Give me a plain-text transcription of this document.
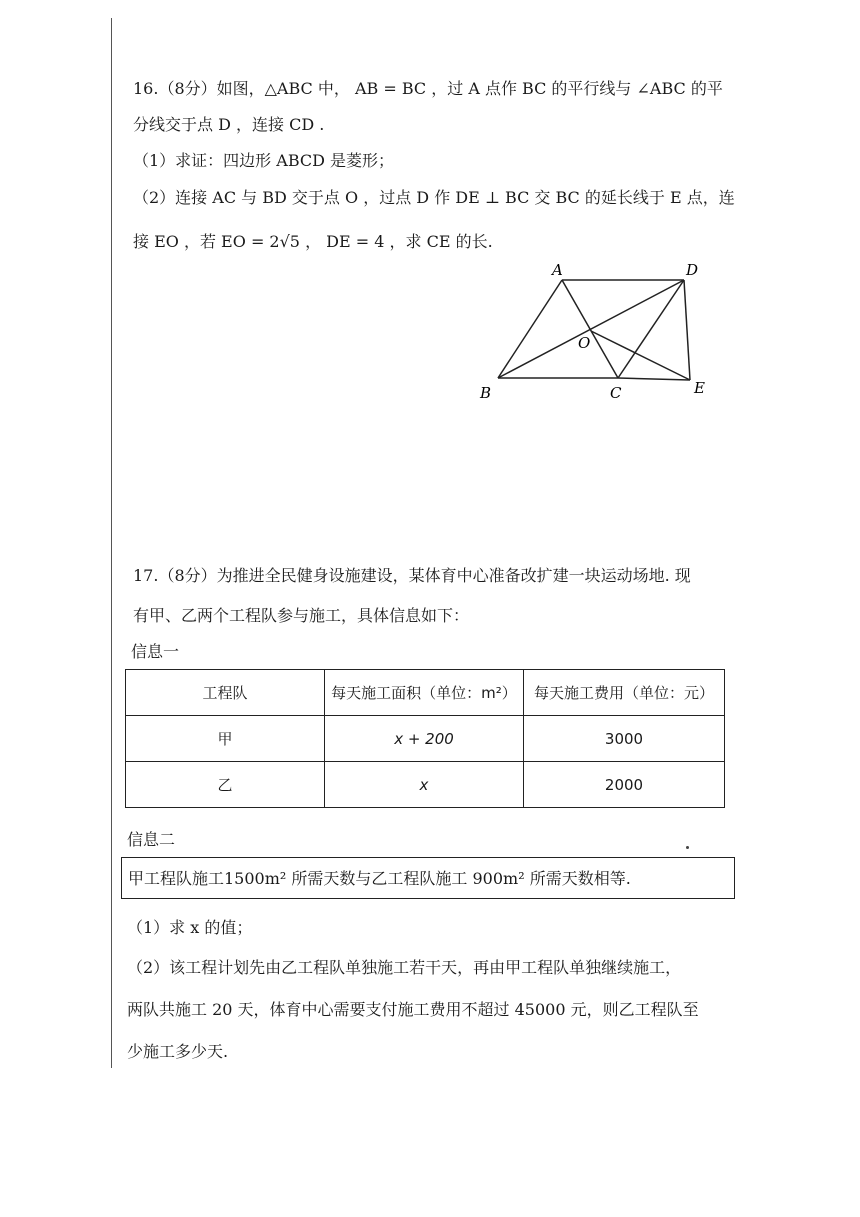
16.（8分）如图，△ABC 中， AB = BC ，过 A 点作 BC 的平行线与 ∠ABC 的平
分线交于点 D ，连接 CD .
（1）求证：四边形 ABCD 是菱形；
（2）连接 AC 与 BD 交于点 O ，过点 D 作 DE ⊥ BC 交 BC 的延长线于 E 点，连
接 EO ，若 EO = 2√5 ， DE = 4 ，求 CE 的长.
A	D
O
B	C	E
17.（8分）为推进全民健身设施建设，某体育中心准备改扩建一块运动场地. 现
有甲、乙两个工程队参与施工，具体信息如下：
信息一
工程队	每天施工面积（单位：m²）	每天施工费用（单位：元）
甲	x + 200	3000
乙	x	2000
信息二
甲工程队施工1500m² 所需天数与乙工程队施工 900m² 所需天数相等.
（1）求 x 的值；
（2）该工程计划先由乙工程队单独施工若干天，再由甲工程队单独继续施工，
两队共施工 20 天，体育中心需要支付施工费用不超过 45000 元，则乙工程队至
少施工多少天.
